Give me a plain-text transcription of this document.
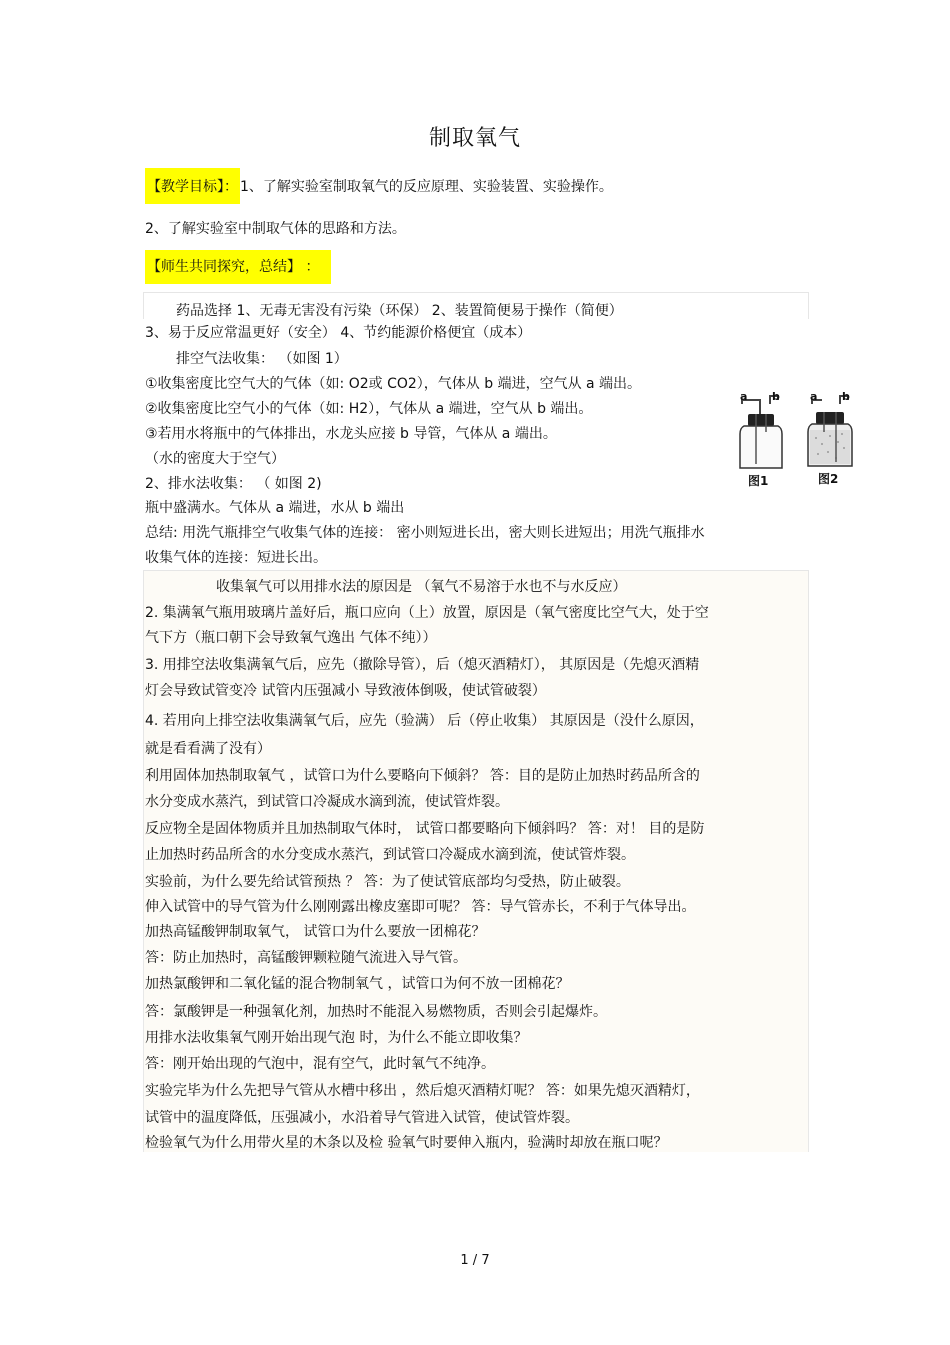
制取氧气
【教学目标】： 1、了解实验室制取氧气的反应原理、实验装置、实验操作。
2、了解实验室中制取气体的思路和方法。
【师生共同探究，总结】 ：
药品选择 1、无毒无害没有污染（环保） 2、装置简便易于操作（简便）
3、易于反应常温更好（安全） 4、节约能源价格便宜（成本）
排空气法收集： （如图 1）
①收集密度比空气大的气体（如: O2或 CO2），气体从 b 端进，空气从 a 端出。
②收集密度比空气小的气体（如: H2），气体从 a 端进，空气从 b 端出。
③若用水将瓶中的气体排出，水龙头应接 b 导管，气体从 a 端出。
（水的密度大于空气）
2、排水法收集： （ 如图 2)
瓶中盛满水。气体从 a 端进，水从 b 端出
总结: 用洗气瓶排空气收集气体的连接： 密小则短进长出，密大则长进短出；用洗气瓶排水
收集气体的连接：短进长出。
a b
图1
a b
图2
收集氧气可以用排水法的原因是 （氧气不易溶于水也不与水反应）
2. 集满氧气瓶用玻璃片盖好后，瓶口应向（上）放置，原因是（氧气密度比空气大，处于空
气下方（瓶口朝下会导致氧气逸出 气体不纯））
3. 用排空法收集满氧气后，应先（撤除导管），后（熄灭酒精灯）， 其原因是（先熄灭酒精
灯会导致试管变冷 试管内压强减小 导致液体倒吸，使试管破裂）
4. 若用向上排空法收集满氧气后，应先（验满） 后（停止收集） 其原因是（没什么原因，
就是看看满了没有）
利用固体加热制取氧气 ，试管口为什么要略向下倾斜？ 答：目的是防止加热时药品所含的
水分变成水蒸汽，到试管口冷凝成水滴到流，使试管炸裂。
反应物全是固体物质并且加热制取气体时， 试管口都要略向下倾斜吗？ 答：对！ 目的是防
止加热时药品所含的水分变成水蒸汽，到试管口冷凝成水滴到流，使试管炸裂。
实验前，为什么要先给试管预热 ？ 答：为了使试管底部均匀受热，防止破裂。
伸入试管中的导气管为什么刚刚露出橡皮塞即可呢？ 答：导气管赤长，不利于气体导出。
加热高锰酸钾制取氧气， 试管口为什么要放一团棉花？
答：防止加热时，高锰酸钾颗粒随气流进入导气管。
加热氯酸钾和二氧化锰的混合物制氧气 ，试管口为何不放一团棉花？
答：氯酸钾是一种强氧化剂，加热时不能混入易燃物质，否则会引起爆炸。
用排水法收集氧气刚开始出现气泡 时，为什么不能立即收集？
答：刚开始出现的气泡中，混有空气，此时氧气不纯净。
实验完毕为什么先把导气管从水槽中移出 ，然后熄灭酒精灯呢？ 答：如果先熄灭酒精灯，
试管中的温度降低，压强减小，水沿着导气管进入试管，使试管炸裂。
检验氧气为什么用带火星的木条以及检 验氧气时要伸入瓶内，验满时却放在瓶口呢？
1 / 7
